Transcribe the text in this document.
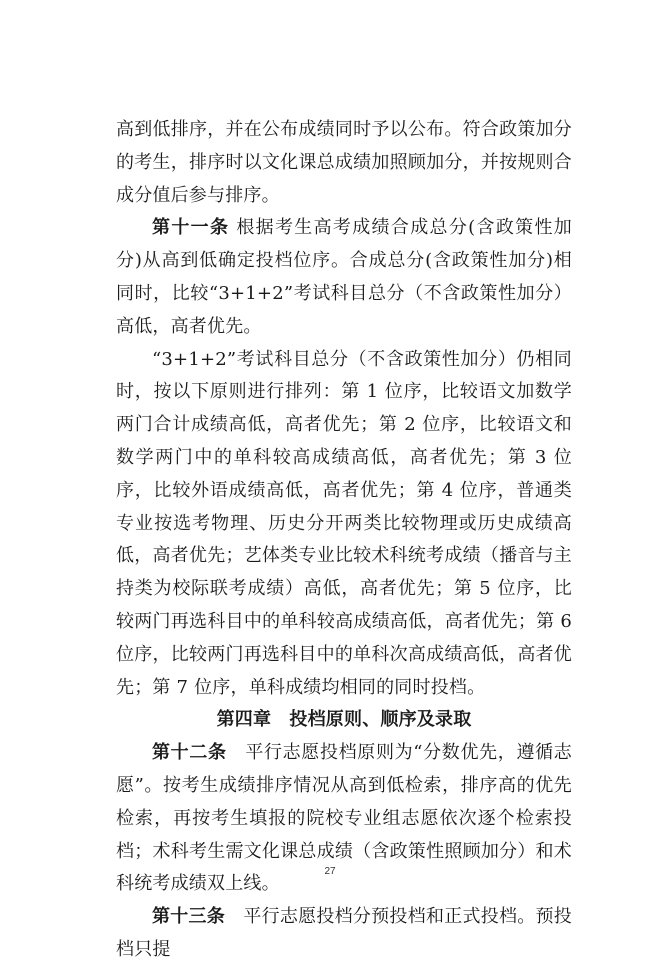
高到低排序，并在公布成绩同时予以公布。符合政策加分的考生，排序时以文化课总成绩加照顾加分，并按规则合成分值后参与排序。

第十一条 根据考生高考成绩合成总分(含政策性加分)从高到低确定投档位序。合成总分(含政策性加分)相同时，比较“3+1+2”考试科目总分（不含政策性加分）高低，高者优先。

“3+1+2”考试科目总分（不含政策性加分）仍相同时，按以下原则进行排列：第 1 位序，比较语文加数学两门合计成绩高低，高者优先；第 2 位序，比较语文和数学两门中的单科较高成绩高低，高者优先；第 3 位序，比较外语成绩高低，高者优先；第 4 位序，普通类专业按选考物理、历史分开两类比较物理或历史成绩高低，高者优先；艺体类专业比较术科统考成绩（播音与主持类为校际联考成绩）高低，高者优先；第 5 位序，比较两门再选科目中的单科较高成绩高低，高者优先；第 6 位序，比较两门再选科目中的单科次高成绩高低，高者优先；第 7 位序，单科成绩均相同的同时投档。

第四章　投档原则、顺序及录取

第十二条　平行志愿投档原则为“分数优先，遵循志愿”。按考生成绩排序情况从高到低检索，排序高的优先检索，再按考生填报的院校专业组志愿依次逐个检索投档；术科考生需文化课总成绩（含政策性照顾加分）和术科统考成绩双上线。

第十三条　平行志愿投档分预投档和正式投档。预投档只提

27
